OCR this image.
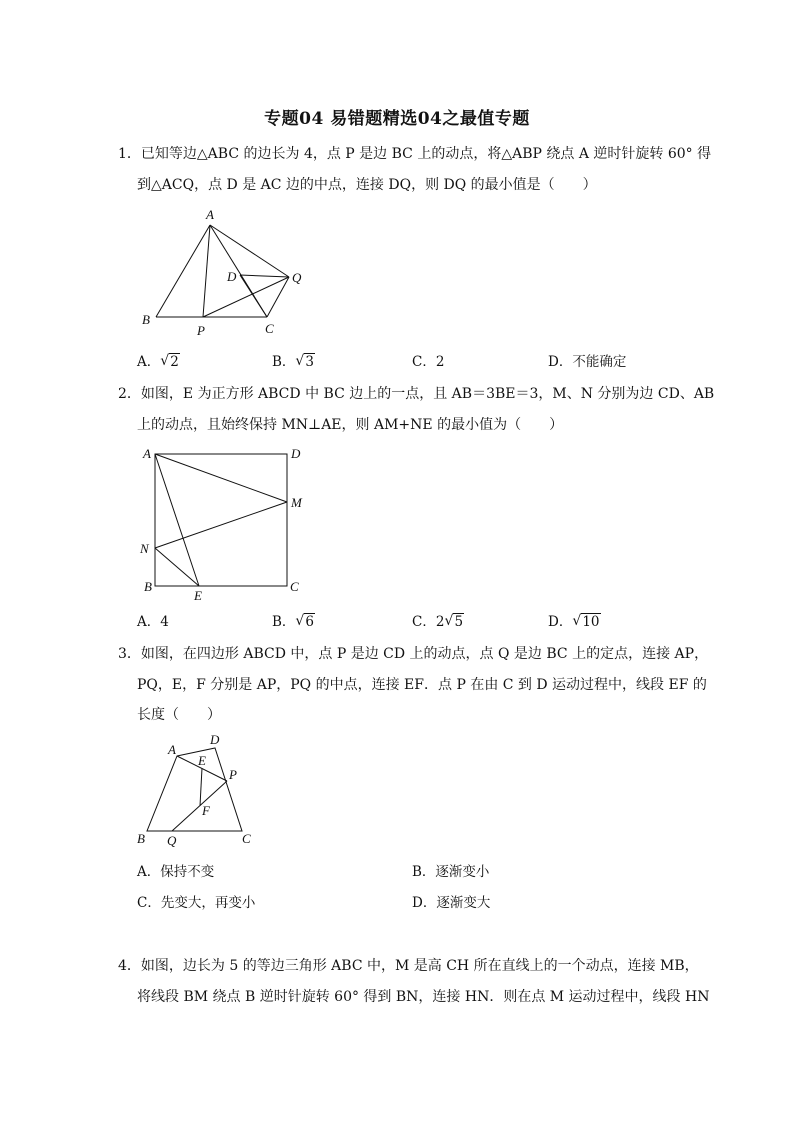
专题04 易错题精选04之最值专题
1．已知等边△ABC 的边长为 4，点 P 是边 BC 上的动点，将△ABP 绕点 A 逆时针旋转 60° 得
到△ACQ，点 D 是 AC 边的中点，连接 DQ，则 DQ 的最小值是（　　）
A
B
C
D
P
Q
A． √ 2	B． √ 3	C．2	D．不能确定
2．如图，E 为正方形 ABCD 中 BC 边上的一点，且 AB＝3BE＝3，M、N 分别为边 CD、AB
上的动点，且始终保持 MN⊥AE，则 AM+NE 的最小值为（　　）
A	D
M
N
B
E
C
A．4	B． √ 6	C．2 √ 5	D． √ 10
3．如图，在四边形 ABCD 中，点 P 是边 CD 上的动点，点 Q 是边 BC 上的定点，连接 AP，
PQ，E，F 分别是 AP，PQ 的中点，连接 EF．点 P 在由 C 到 D 运动过程中，线段 EF 的
长度（　　）
A
D
E
P
F
B Q	C
A．保持不变	B．逐渐变小
C．先变大，再变小	D．逐渐变大
4．如图，边长为 5 的等边三角形 ABC 中，M 是高 CH 所在直线上的一个动点，连接 MB，
将线段 BM 绕点 B 逆时针旋转 60° 得到 BN，连接 HN．则在点 M 运动过程中，线段 HN
